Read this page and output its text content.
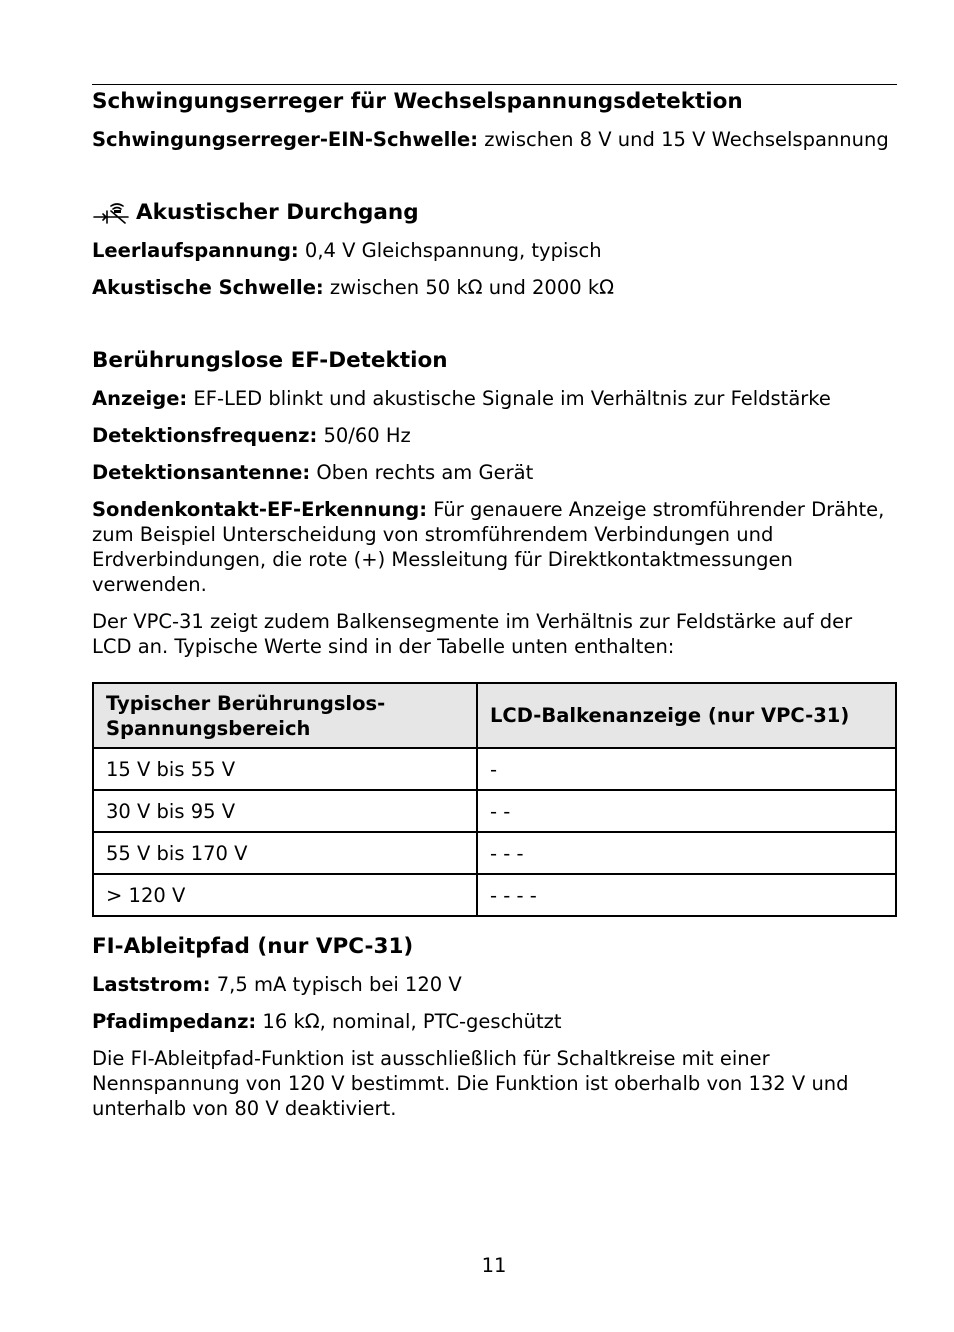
Schwingungserreger für Wechselspannungsdetektion

Schwingungserreger-EIN-Schwelle: zwischen 8 V und 15 V Wechselspannung

Akustischer Durchgang

Leerlaufspannung: 0,4 V Gleichspannung, typisch

Akustische Schwelle: zwischen 50 kΩ und 2000 kΩ

Berührungslose EF-Detektion

Anzeige: EF-LED blinkt und akustische Signale im Verhältnis zur Feldstärke

Detektionsfrequenz: 50/60 Hz

Detektionsantenne: Oben rechts am Gerät

Sondenkontakt-EF-Erkennung: Für genauere Anzeige stromführender Drähte, zum Beispiel Unterscheidung von stromführendem Verbindungen und Erdverbindungen, die rote (+) Messleitung für Direktkontaktmessungen verwenden.

Der VPC-31 zeigt zudem Balkensegmente im Verhältnis zur Feldstärke auf der LCD an. Typische Werte sind in der Tabelle unten enthalten:

Typischer Berührungslos-Spannungsbereich	LCD-Balkenanzeige (nur VPC-31)
15 V bis 55 V	-
30 V bis 95 V	- -
55 V bis 170 V	- - -
> 120 V	- - - -
FI-Ableitpfad (nur VPC-31)

Laststrom: 7,5 mA typisch bei 120 V

Pfadimpedanz: 16 kΩ, nominal, PTC-geschützt

Die FI-Ableitpfad-Funktion ist ausschließlich für Schaltkreise mit einer Nennspannung von 120 V bestimmt. Die Funktion ist oberhalb von 132 V und unterhalb von 80 V deaktiviert.

11
